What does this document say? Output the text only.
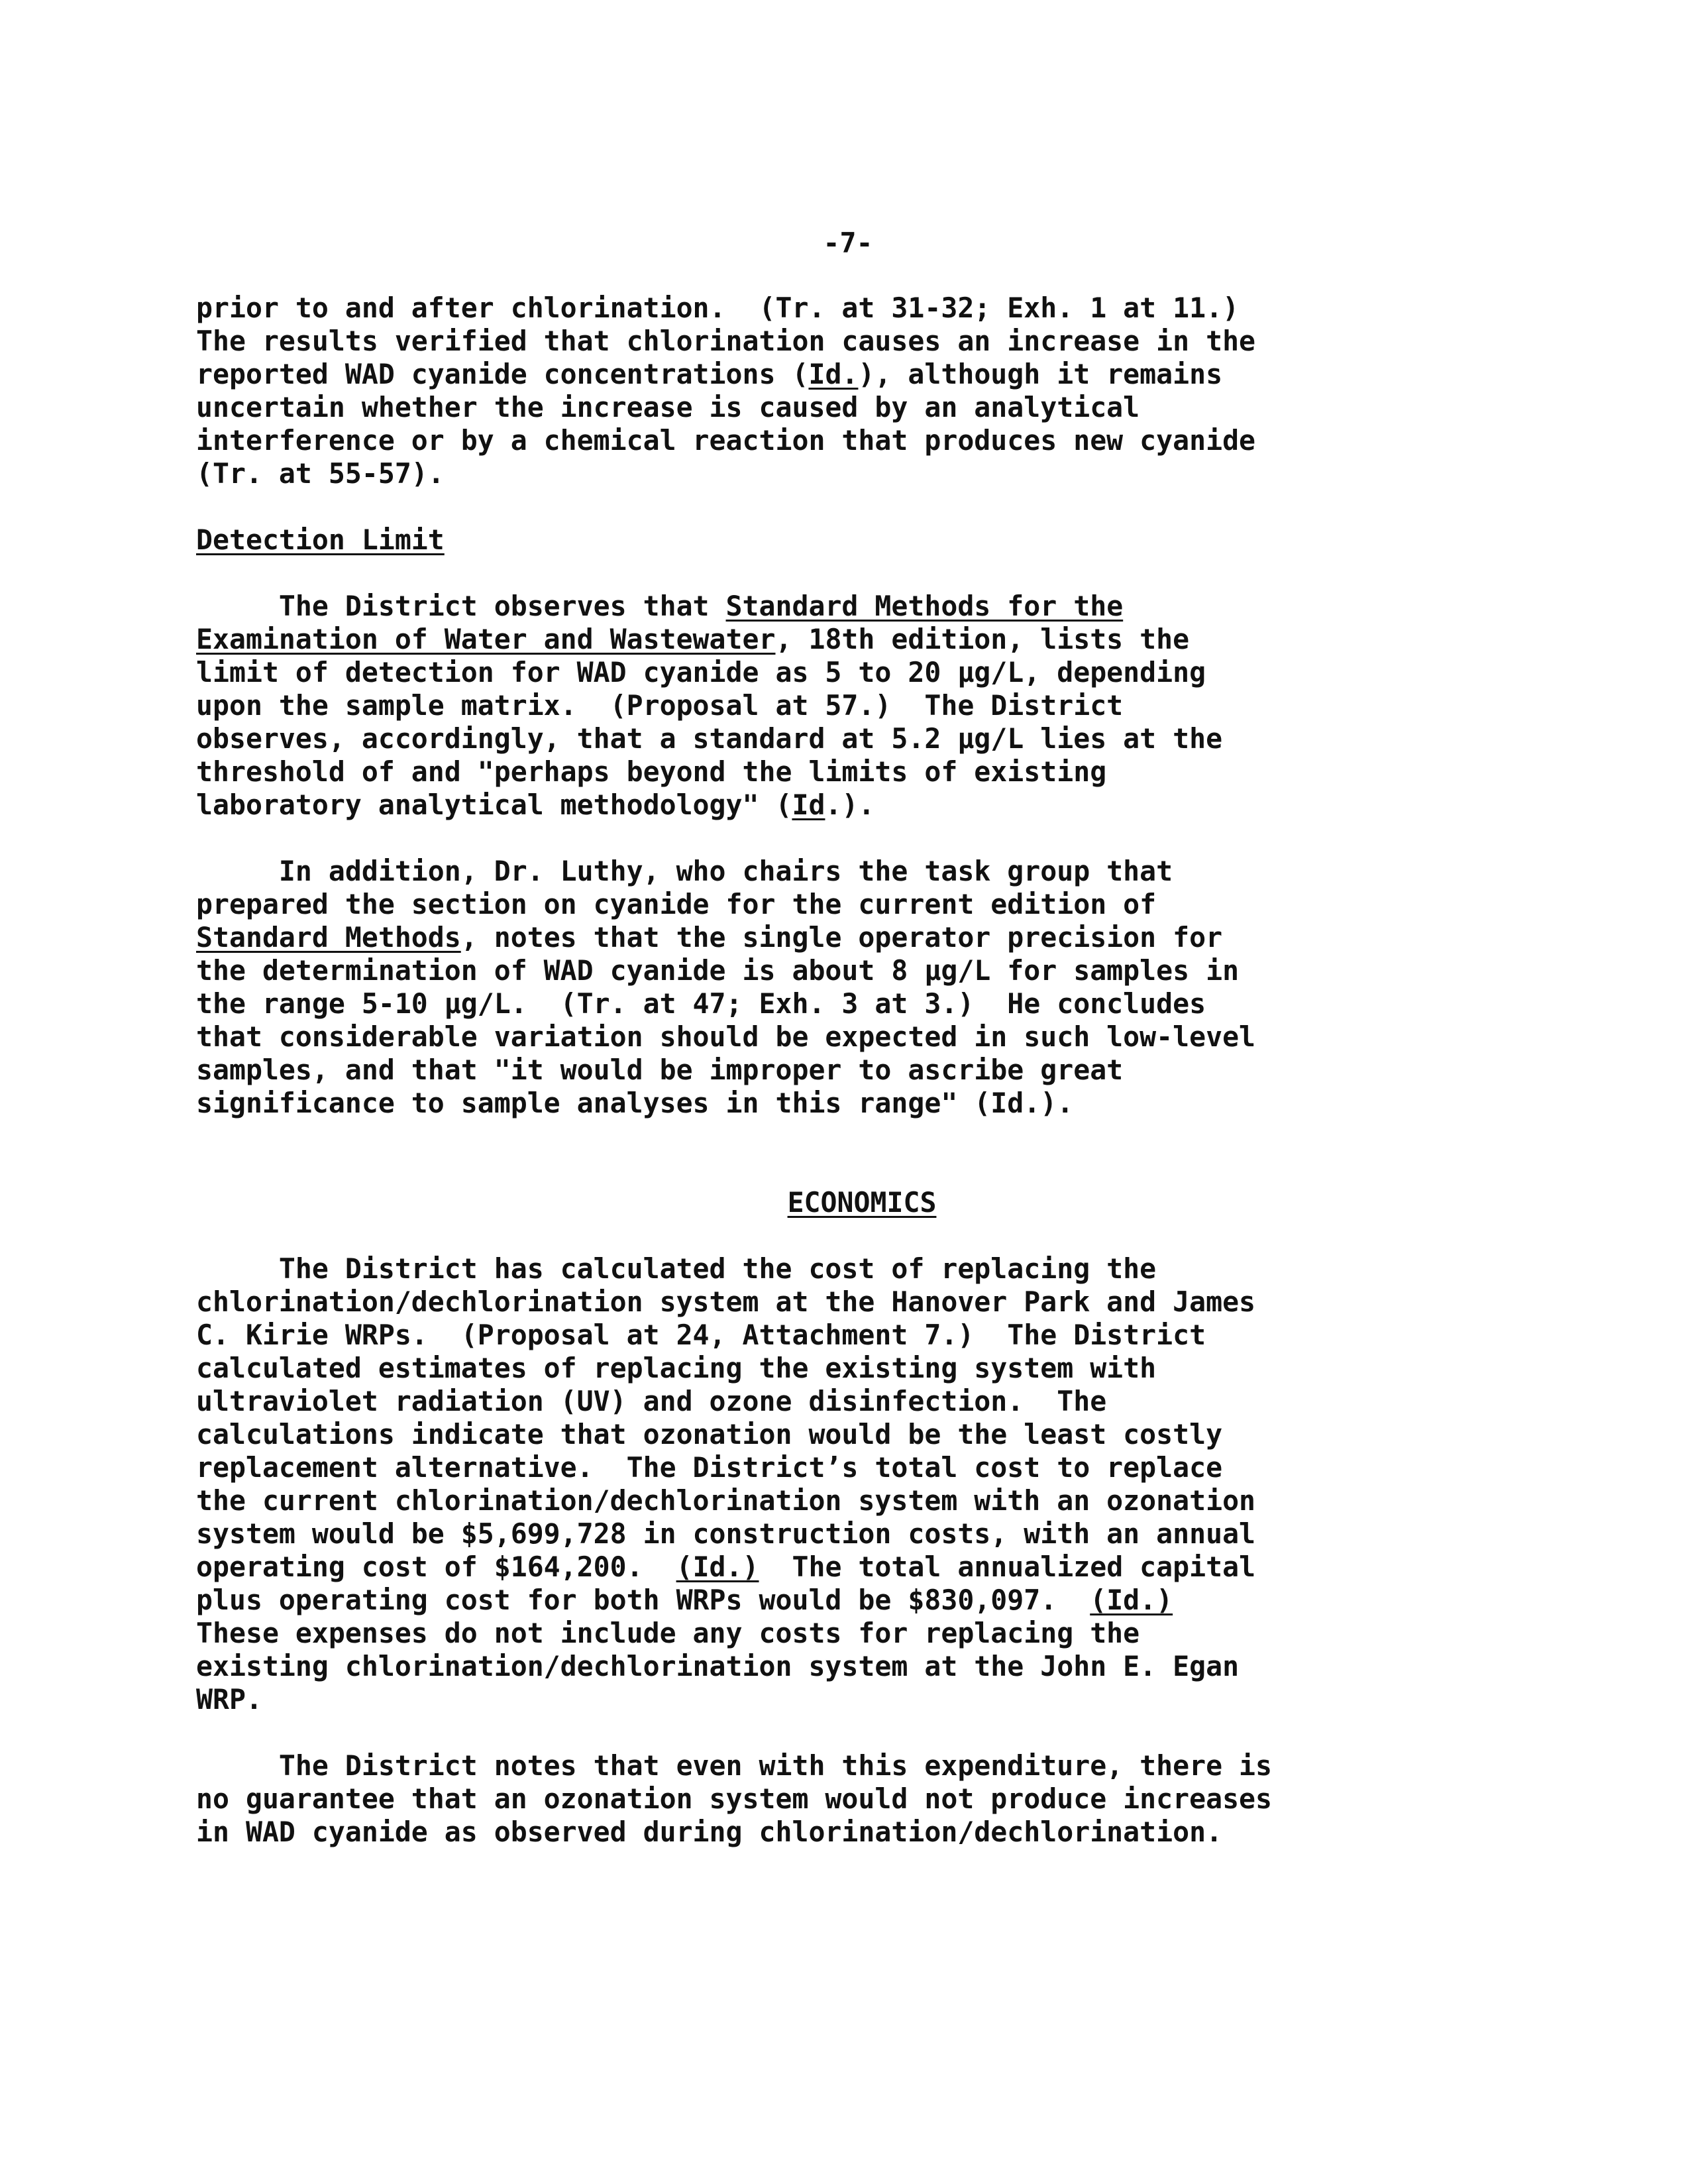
-7-

prior to and after chlorination.  (Tr. at 31-32; Exh. 1 at 11.)

The results verified that chlorination causes an increase in the

reported WAD cyanide concentrations (Id.), although it remains

uncertain whether the increase is caused by an analytical

interference or by a chemical reaction that produces new cyanide

(Tr. at 55-57).

Detection Limit

The District observes that Standard Methods for the

Examination of Water and Wastewater, 18th edition, lists the

limit of detection for WAD cyanide as 5 to 20 µg/L, depending

upon the sample matrix.  (Proposal at 57.)  The District

observes, accordingly, that a standard at 5.2 µg/L lies at the

threshold of and "perhaps beyond the limits of existing

laboratory analytical methodology" (Id.).

In addition, Dr. Luthy, who chairs the task group that

prepared the section on cyanide for the current edition of

Standard Methods, notes that the single operator precision for

the determination of WAD cyanide is about 8 µg/L for samples in

the range 5-10 µg/L.  (Tr. at 47; Exh. 3 at 3.)  He concludes

that considerable variation should be expected in such low-level

samples, and that "it would be improper to ascribe great

significance to sample analyses in this range" (Id.).

ECONOMICS

The District has calculated the cost of replacing the

chlorination/dechlorination system at the Hanover Park and James

C. Kirie WRPs.  (Proposal at 24, Attachment 7.)  The District

calculated estimates of replacing the existing system with

ultraviolet radiation (UV) and ozone disinfection.  The

calculations indicate that ozonation would be the least costly

replacement alternative.  The District’s total cost to replace

the current chlorination/dechlorination system with an ozonation

system would be $5,699,728 in construction costs, with an annual

operating cost of $164,200.  (Id.)  The total annualized capital

plus operating cost for both WRPs would be $830,097.  (Id.)

These expenses do not include any costs for replacing the

existing chlorination/dechlorination system at the John E. Egan

WRP.

The District notes that even with this expenditure, there is

no guarantee that an ozonation system would not produce increases

in WAD cyanide as observed during chlorination/dechlorination.
